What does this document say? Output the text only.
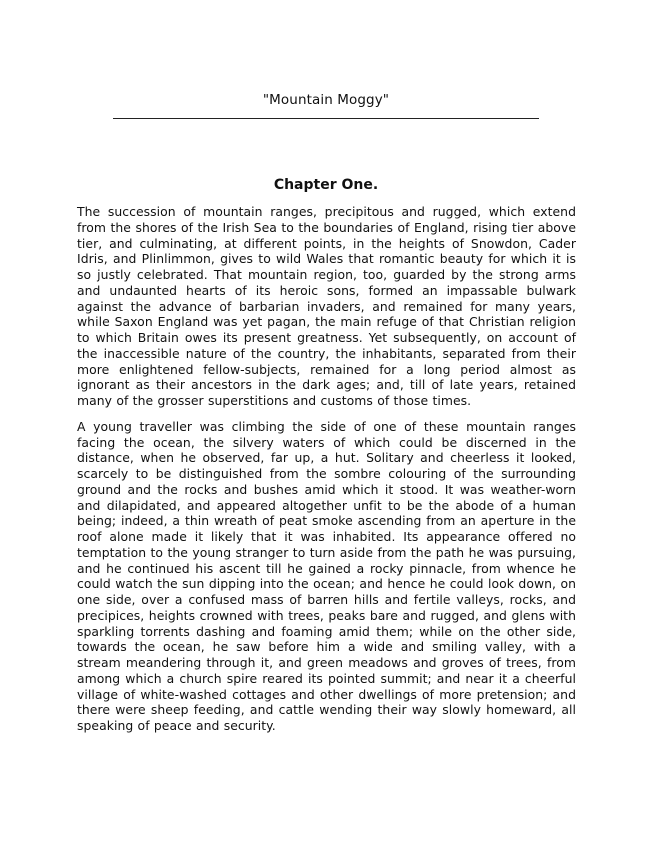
"Mountain Moggy"
Chapter One.

The succession of mountain ranges, precipitous and rugged, which extend from the shores of the Irish Sea to the boundaries of England, rising tier above tier, and culminating, at different points, in the heights of Snowdon, Cader Idris, and Plinlimmon, gives to wild Wales that romantic beauty for which it is so justly celebrated. That mountain region, too, guarded by the strong arms and undaunted hearts of its heroic sons, formed an impassable bulwark against the advance of barbarian invaders, and remained for many years, while Saxon England was yet pagan, the main refuge of that Christian religion to which Britain owes its present greatness. Yet subsequently, on account of the inaccessible nature of the country, the inhabitants, separated from their more enlightened fellow-subjects, remained for a long period almost as ignorant as their ancestors in the dark ages; and, till of late years, retained many of the grosser superstitions and customs of those times.

A young traveller was climbing the side of one of these mountain ranges facing the ocean, the silvery waters of which could be discerned in the distance, when he observed, far up, a hut. Solitary and cheerless it looked, scarcely to be distinguished from the sombre colouring of the surrounding ground and the rocks and bushes amid which it stood. It was weather-worn and dilapidated, and appeared altogether unfit to be the abode of a human being; indeed, a thin wreath of peat smoke ascending from an aperture in the roof alone made it likely that it was inhabited. Its appearance offered no temptation to the young stranger to turn aside from the path he was pursuing, and he continued his ascent till he gained a rocky pinnacle, from whence he could watch the sun dipping into the ocean; and hence he could look down, on one side, over a confused mass of barren hills and fertile valleys, rocks, and precipices, heights crowned with trees, peaks bare and rugged, and glens with sparkling torrents dashing and foaming amid them; while on the other side, towards the ocean, he saw before him a wide and smiling valley, with a stream meandering through it, and green meadows and groves of trees, from among which a church spire reared its pointed summit; and near it a cheerful village of white-washed cottages and other dwellings of more pretension; and there were sheep feeding, and cattle wending their way slowly homeward, all speaking of peace and security.
